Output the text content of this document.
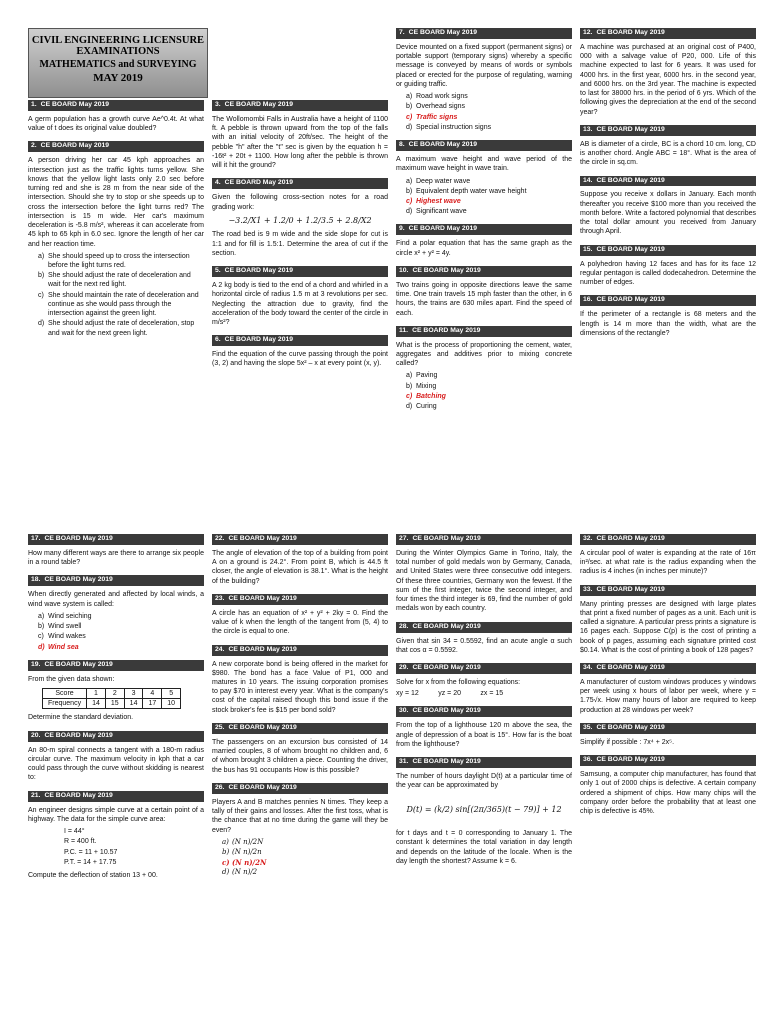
CIVIL ENGINEERING LICENSURE
EXAMINATIONS
MATHEMATICS and SURVEYING
MAY 2019
1. CE BOARD May 2019

A germ population has a growth curve Ae^0.4t. At what value of t does its original value doubled?

2. CE BOARD May 2019

A person driving her car 45 kph approaches an intersection just as the traffic lights turns yellow. She knows that the yellow light lasts only 2.0 sec before turning red and she is 28 m from the near side of the intersection. Should she try to stop or she speeds up to cross the intersection before the light turns red? The intersection is 15 m wide. Her car's maximum deceleration is -5.8 m/s², whereas it can accelerate from 45 kph to 65 kph in 6.0 sec. Ignore the length of her car and her reaction time.

a) She should speed up to cross the intersection before the light turns red.
b) She should adjust the rate of deceleration and wait for the next red light.
c) She should maintain the rate of deceleration and continue as she would pass through the intersection against the green light.
d) She should adjust the rate of deceleration, stop and wait for the next green light.
3. CE BOARD May 2019

The Wollomombi Falls in Australia have a height of 1100 ft. A pebble is thrown upward from the top of the falls with an initial velocity of 20ft/sec. The height of the pebble "h" after the "t" sec is given by the equation h = -16t² + 20t + 1100. How long after the pebble is thrown will it hit the ground?

4. CE BOARD May 2019

Given the following cross-section notes for a road grading work:

−3.2/X1 + 1.2/0 + 1.2/3.5 + 2.8/X2

The road bed is 9 m wide and the side slope for cut is 1:1 and for fill is 1.5:1. Determine the area of cut if the section.

5. CE BOARD May 2019

A 2 kg body is tied to the end of a chord and whirled in a horizontal circle of radius 1.5 m at 3 revolutions per sec. Neglecting the attraction due to gravity, find the acceleration of the body toward the center of the circle in m/s²?

6. CE BOARD May 2019

Find the equation of the curve passing through the point (3, 2) and having the slope 5x² – x at every point (x, y).

7. CE BOARD May 2019

Device mounted on a fixed support (permanent signs) or portable support (temporary signs) whereby a specific message is conveyed by means of words or symbols placed or erected for the purpose of regulating, warning or guiding traffic.

a) Road work signs
b) Overhead signs
c) Traffic signs
d) Special instruction signs
8. CE BOARD May 2019

A maximum wave height and wave period of the maximum wave height in wave train.

a) Deep water wave
b) Equivalent depth water wave height
c) Highest wave
d) Significant wave
9. CE BOARD May 2019

Find a polar equation that has the same graph as the circle x² + y² = 4y.

10. CE BOARD May 2019

Two trains going in opposite directions leave the same time. One train travels 15 mph faster than the other, in 6 hours, the trains are 630 miles apart. Find the speed of each.

11. CE BOARD May 2019

What is the process of proportioning the cement, water, aggregates and additives prior to mixing concrete called?

a) Paving
b) Mixing
c) Batching
d) Curing
12. CE BOARD May 2019

A machine was purchased at an original cost of P400, 000 with a salvage value of P20, 000. Life of this machine expected to last for 6 years. It was used for 4000 hrs. in the first year, 6000 hrs. in the second year, and 6000 hrs. on the 3rd year. The machine is expected to last for 38000 hrs. in the period of 6 yrs. Which of the following gives the depreciation at the end of the second year?

13. CE BOARD May 2019

AB is diameter of a circle, BC is a chord 10 cm. long, CD is another chord. Angle ABC = 18°. What is the area of the circle in sq.cm.

14. CE BOARD May 2019

Suppose you receive x dollars in January. Each month thereafter you receive $100 more than you received the month before. Write a factored polynomial that describes the total dollar amount you received from January through April.

15. CE BOARD May 2019

A polyhedron having 12 faces and has for its face 12 regular pentagon is called dodecahedron. Determine the number of edges.

16. CE BOARD May 2019

If the perimeter of a rectangle is 68 meters and the length is 14 m more than the width, what are the dimensions of the rectangle?

17. CE BOARD May 2019

How many different ways are there to arrange six people in a round table?

18. CE BOARD May 2019

When directly generated and affected by local winds, a wind wave system is called:

a) Wind seiching
b) Wind swell
c) Wind wakes
d) Wind sea
19. CE BOARD May 2019

From the given data shown:

Score	1	2	3	4	5
Frequency	14	15	14	17	10

Determine the standard deviation.

20. CE BOARD May 2019

An 80-m spiral connects a tangent with a 180-m radius circular curve. The maximum velocity in kph that a car could pass through the curve without skidding is nearest to:

21. CE BOARD May 2019

An engineer designs simple curve at a certain point of a highway. The data for the simple curve area:

I = 44°
R = 400 ft.
P.C. = 11 + 10.57
P.T. = 14 + 17.75

Compute the deflection of station 13 + 00.

22. CE BOARD May 2019

The angle of elevation of the top of a building from point A on a ground is 24.2°. From point B, which is 44.5 ft closer, the angle of elevation is 38.1°. What is the height of the building?

23. CE BOARD May 2019

A circle has an equation of x² + y² + 2ky = 0. Find the value of k when the length of the tangent from (5, 4) to the circle is equal to one.

24. CE BOARD May 2019

A new corporate bond is being offered in the market for $980. The bond has a face Value of P1, 000 and matures in 10 years. The issuing corporation promises to pay $70 in interest every year. What is the company's cost of the capital raised though this bond issue if the stock broker's fee is $15 per bond sold?

25. CE BOARD May 2019

The passengers on an excursion bus consisted of 14 married couples, 8 of whom brought no children and, 6 of whom brought 3 children a piece. Counting the driver, the bus has 91 occupants How is this possible?

26. CE BOARD May 2019

Players A and B matches pennies N times. They keep a tally of their gains and losses. After the first toss, what is the chance that at no time during the game will they be even?

a) (N n)/2N
b) (N n)/2n
c) (N n)/2N
d) (N n)/2
27. CE BOARD May 2019

During the Winter Olympics Game in Torino, Italy, the total number of gold medals won by Germany, Canada, and United States were three consecutive odd integers. Of these three countries, Germany won the fewest. If the sum of the first integer, twice the second integer, and four times the third integer is 69, find the number of gold medals won by each country.

28. CE BOARD May 2019

Given that sin 34 = 0.5592, find an acute angle α such that cos α = 0.5592.

29. CE BOARD May 2019

Solve for x from the following equations:

xy = 12          yz = 20          zx = 15

30. CE BOARD May 2019

From the top of a lighthouse 120 m above the sea, the angle of depression of a boat is 15°. How far is the boat from the lighthouse?

31. CE BOARD May 2019

The number of hours daylight D(t) at a particular time of the year can be approximated by

D(t) = (k/2) sin[(2π/365)(t − 79)] + 12

for t days and t = 0 corresponding to January 1. The constant k determines the total variation in day length and depends on the latitude of the locale. When is the day length the shortest? Assume k = 6.

32. CE BOARD May 2019

A circular pool of water is expanding at the rate of 16π in²/sec. at what rate is the radius expanding when the radius is 4 inches (in inches per minute)?

33. CE BOARD May 2019

Many printing presses are designed with large plates that print a fixed number of pages as a unit. Each unit is called a signature. A particular press prints a signature is 16 pages each. Suppose C(p) is the cost of printing a book of p pages, assuming each signature printed cost $0.14. What is the cost of printing a book of 128 pages?

34. CE BOARD May 2019

A manufacturer of custom windows produces y windows per week using x hours of labor per week, where y = 1.75√x. How many hours of labor are required to keep production at 28 windows per week?

35. CE BOARD May 2019

Simplify if possible : 7x⁴ + 2x⁵.

36. CE BOARD May 2019

Samsung, a computer chip manufacturer, has found that only 1 out of 2000 chips is defective. A certain company ordered a shipment of chips. How many chips will the company order before the probability that at least one chip is defective is 45%.
